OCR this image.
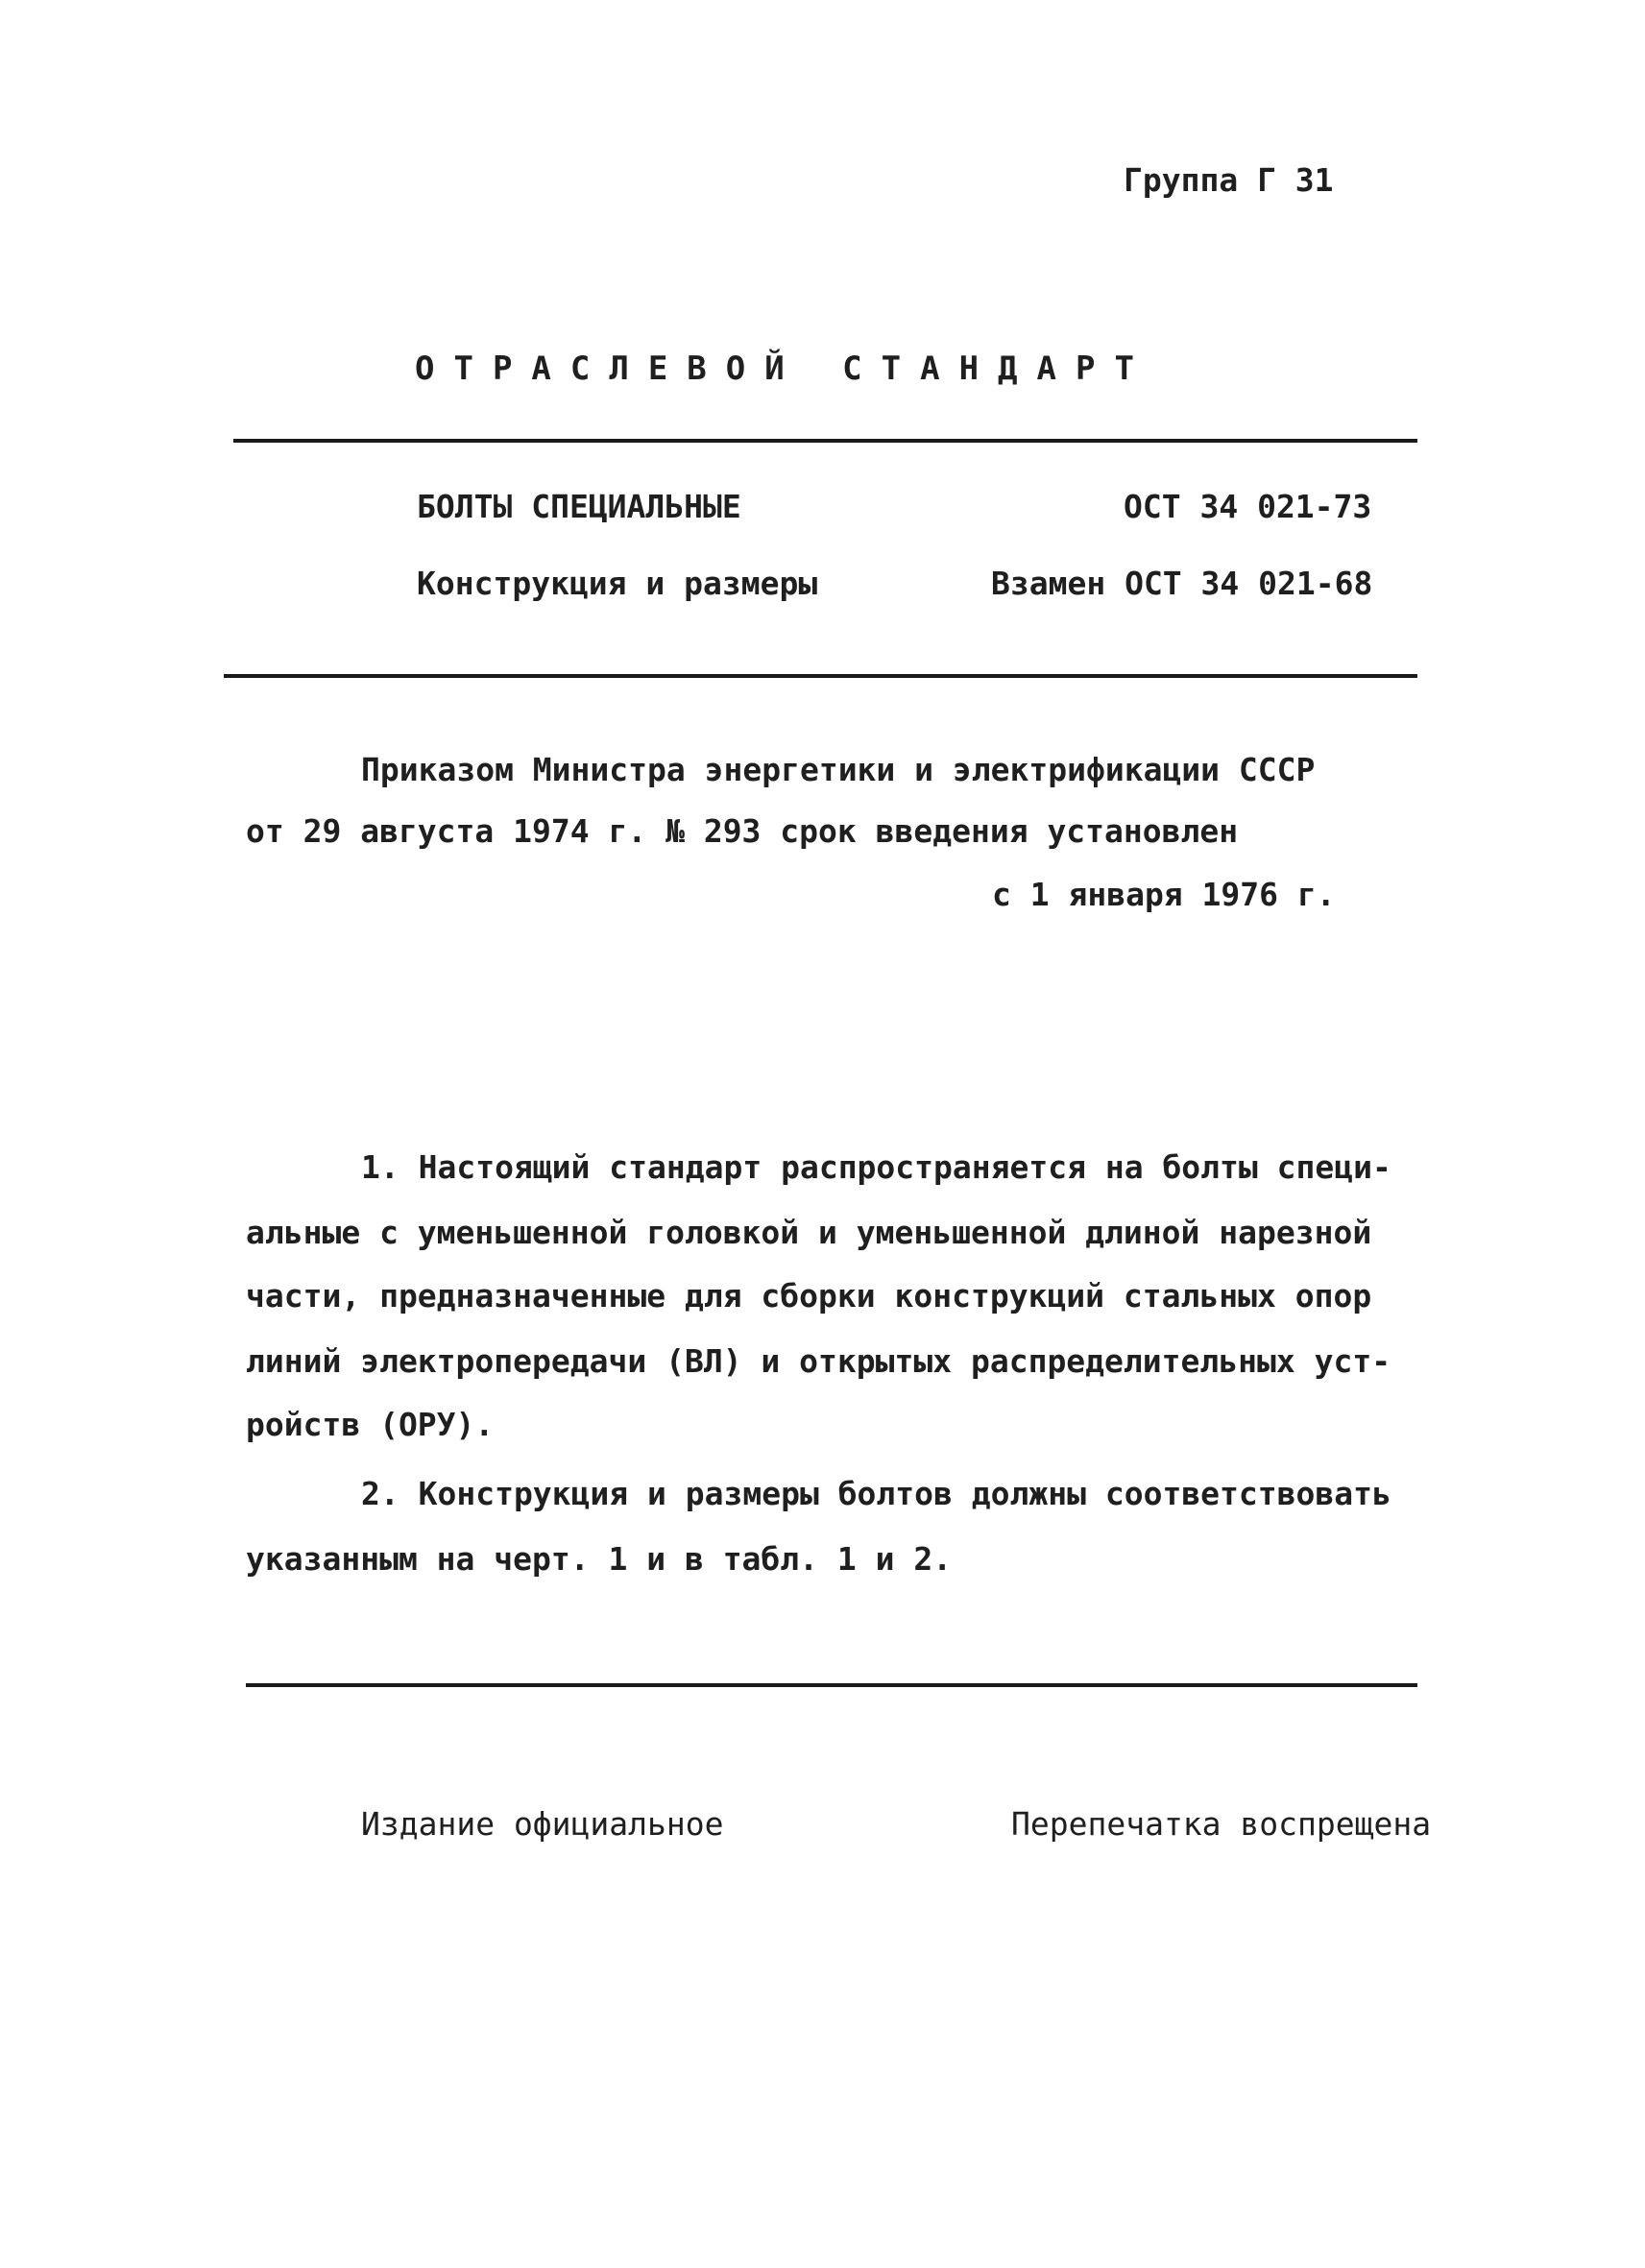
Группа Г 31
ОТРАСЛЕВОЙ СТАНДАРТ
БОЛТЫ СПЕЦИАЛЬНЫЕ	ОСТ 34 021-73
Конструкция и размеры	Взамен ОСТ 34 021-68
Приказом Министра энергетики и электрификации СССР
от 29 августа 1974 г. № 293 срок введения установлен
с 1 января 1976 г.
1. Настоящий стандарт распространяется на болты специ-
альные с уменьшенной головкой и уменьшенной длиной нарезной
части, предназначенные для сборки конструкций стальных опор
линий электропередачи (ВЛ) и открытых распределительных уст-
ройств (ОРУ).
2. Конструкция и размеры болтов должны соответствовать
указанным на черт. 1 и в табл. 1 и 2.
Издание официальное	Перепечатка воспрещена
